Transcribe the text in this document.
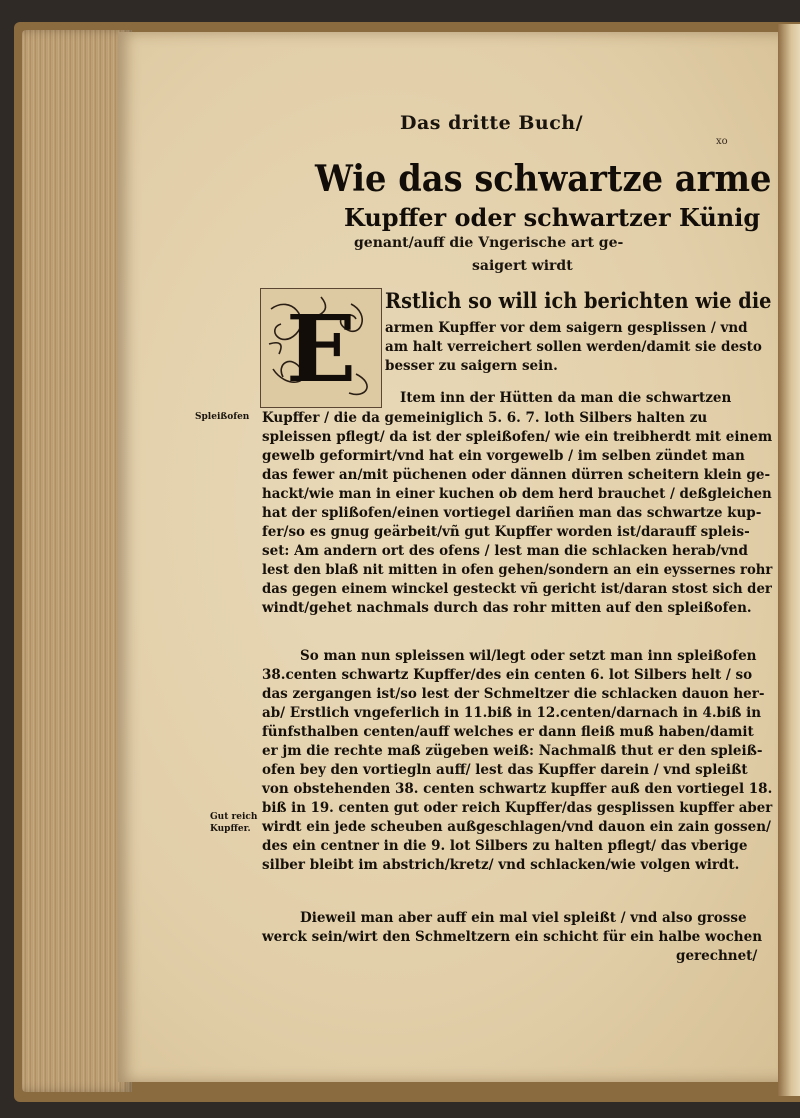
Das dritte Buch/
xo
Wie das schwartze arme
Kupffer oder schwartzer Künig
genant/auff die Vngerische art ge-
saigert wirdt
E Rstlich so will ich berichten wie die
armen Kupffer vor dem saigern gesplissen / vnd
am halt verreichert sollen werden/damit sie desto
besser zu saigern sein.
Item inn der Hütten da man die schwartzen
Kupffer / die da gemeiniglich 5. 6. 7. loth Silbers halten zu
spleissen pflegt/ da ist der spleißofen/ wie ein treibherdt mit einem
gewelb geformirt/vnd hat ein vorgewelb / im selben zündet man
das fewer an/mit püchenen oder dännen dürren scheitern klein ge-
hackt/wie man in einer kuchen ob dem herd brauchet / deßgleichen
hat der splißofen/einen vortiegel dariñen man das schwartze kup-
fer/so es gnug geärbeit/vñ gut Kupffer worden ist/darauff spleis-
set: Am andern ort des ofens / lest man die schlacken herab/vnd
lest den blaß nit mitten in ofen gehen/sondern an ein eyssernes rohr
das gegen einem winckel gesteckt vñ gericht ist/daran stost sich der
windt/gehet nachmals durch das rohr mitten auf den spleißofen.
So man nun spleissen wil/legt oder setzt man inn spleißofen
38.centen schwartz Kupffer/des ein centen 6. lot Silbers helt / so
das zergangen ist/so lest der Schmeltzer die schlacken dauon her-
ab/ Erstlich vngeferlich in 11.biß in 12.centen/darnach in 4.biß in
fünfsthalben centen/auff welches er dann fleiß muß haben/damit
er jm die rechte maß zügeben weiß: Nachmalß thut er den spleiß-
ofen bey den vortiegln auff/ lest das Kupffer darein / vnd spleißt
von obstehenden 38. centen schwartz kupffer auß den vortiegel 18.
biß in 19. centen gut oder reich Kupffer/das gesplissen kupffer aber
wirdt ein jede scheuben außgeschlagen/vnd dauon ein zain gossen/
des ein centner in die 9. lot Silbers zu halten pflegt/ das vberige
silber bleibt im abstrich/kretz/ vnd schlacken/wie volgen wirdt.
Dieweil man aber auff ein mal viel spleißt / vnd also grosse
werck sein/wirt den Schmeltzern ein schicht für ein halbe wochen
gerechnet/
Spleißofen
Gut reich
Kupffer.
